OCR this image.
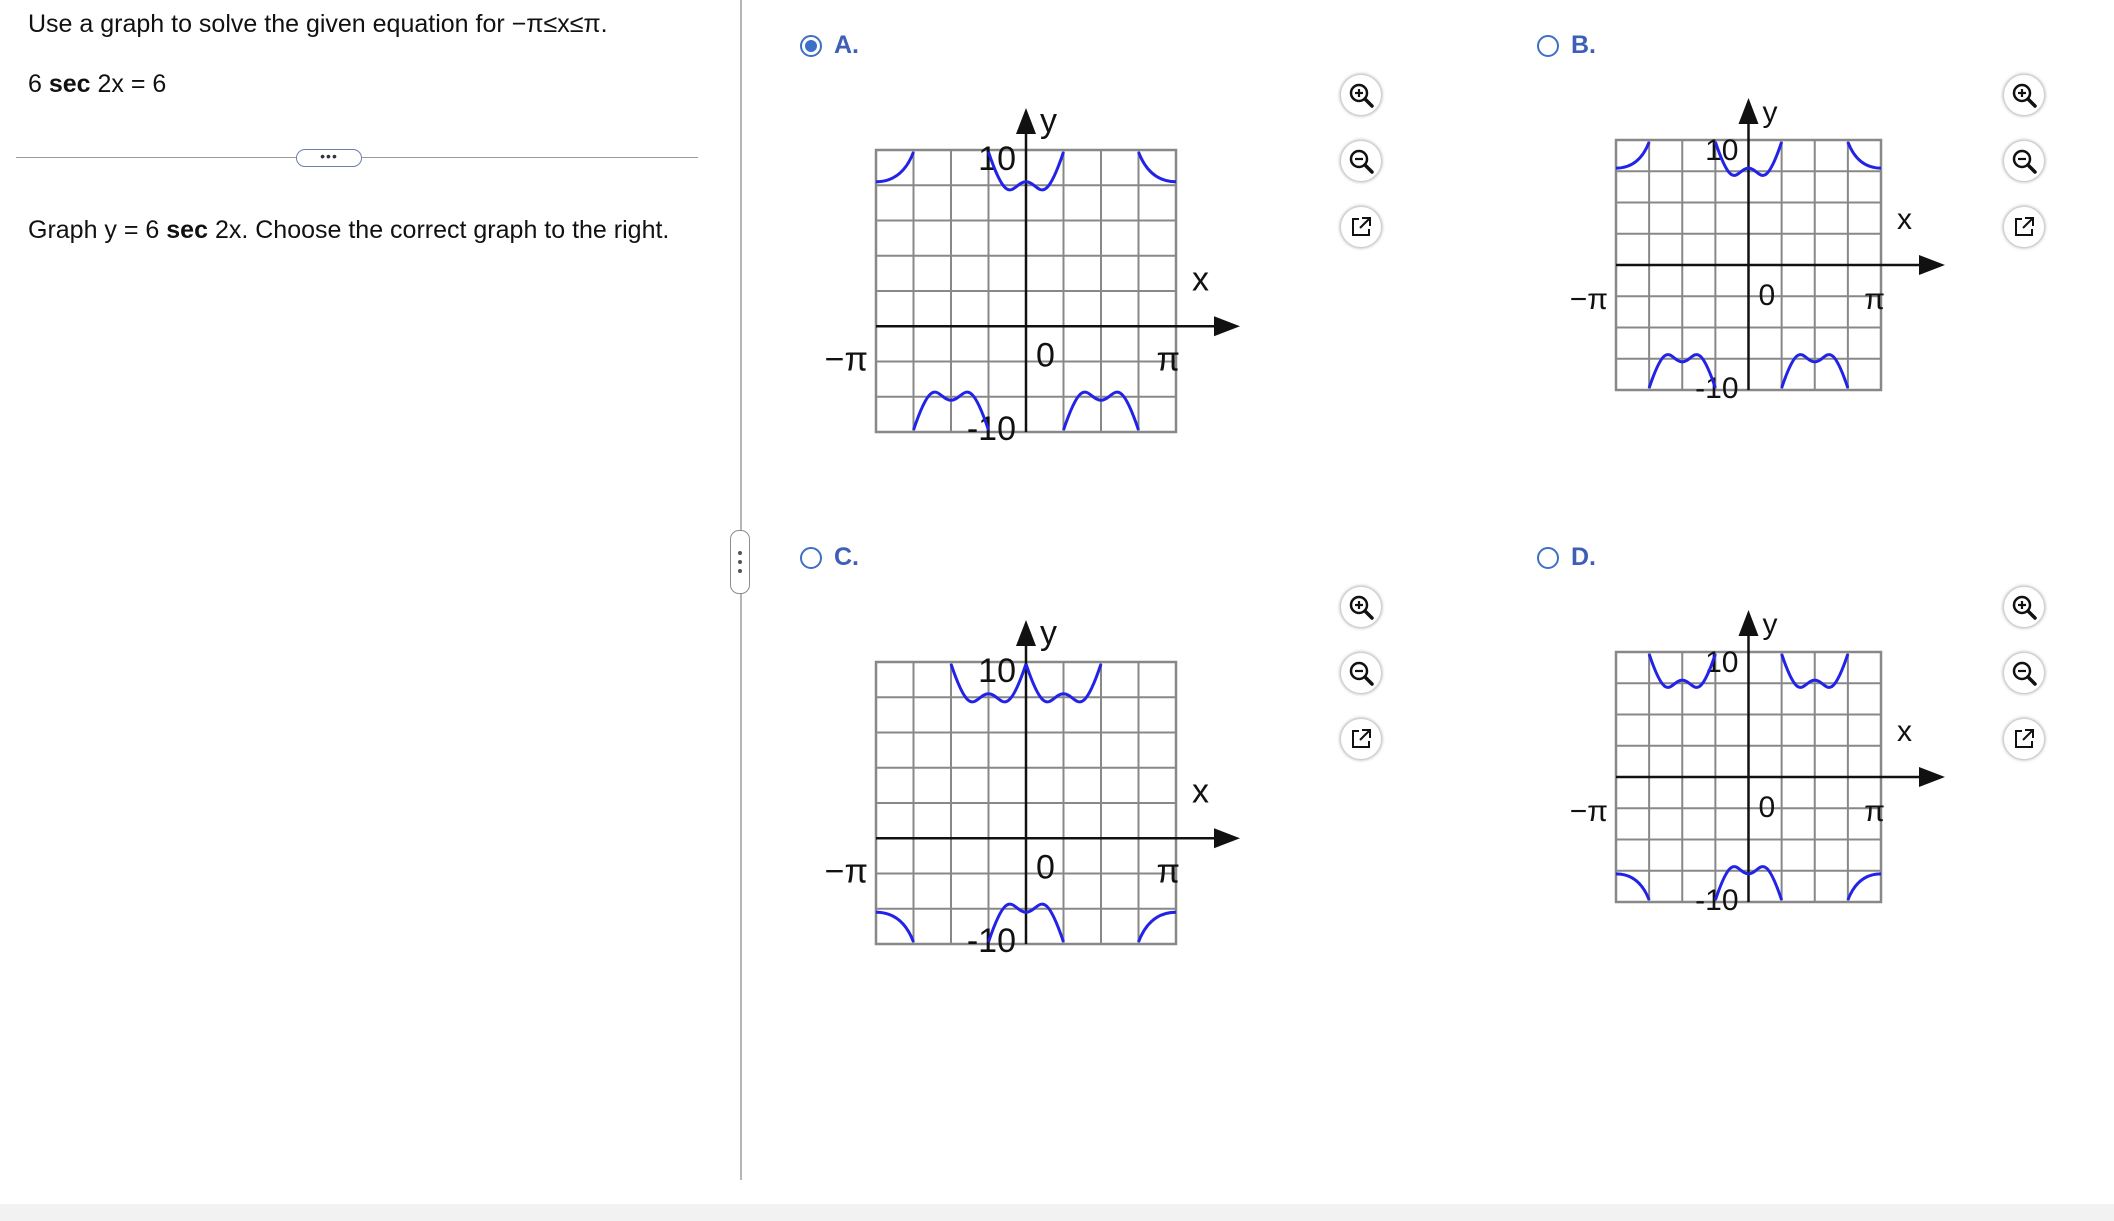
Use a graph to solve the given equation for −π≤x≤π.
6 sec 2x = 6
•••
Graph y = 6 sec 2x. Choose the correct graph to the right.
A.	B.
C.	D.
y
x
10
-10
−π	π
0
y
x
10
-10
−π	π
0
y
x
10
-10
−π	π
0
y
x
10
-10
−π	π
0
